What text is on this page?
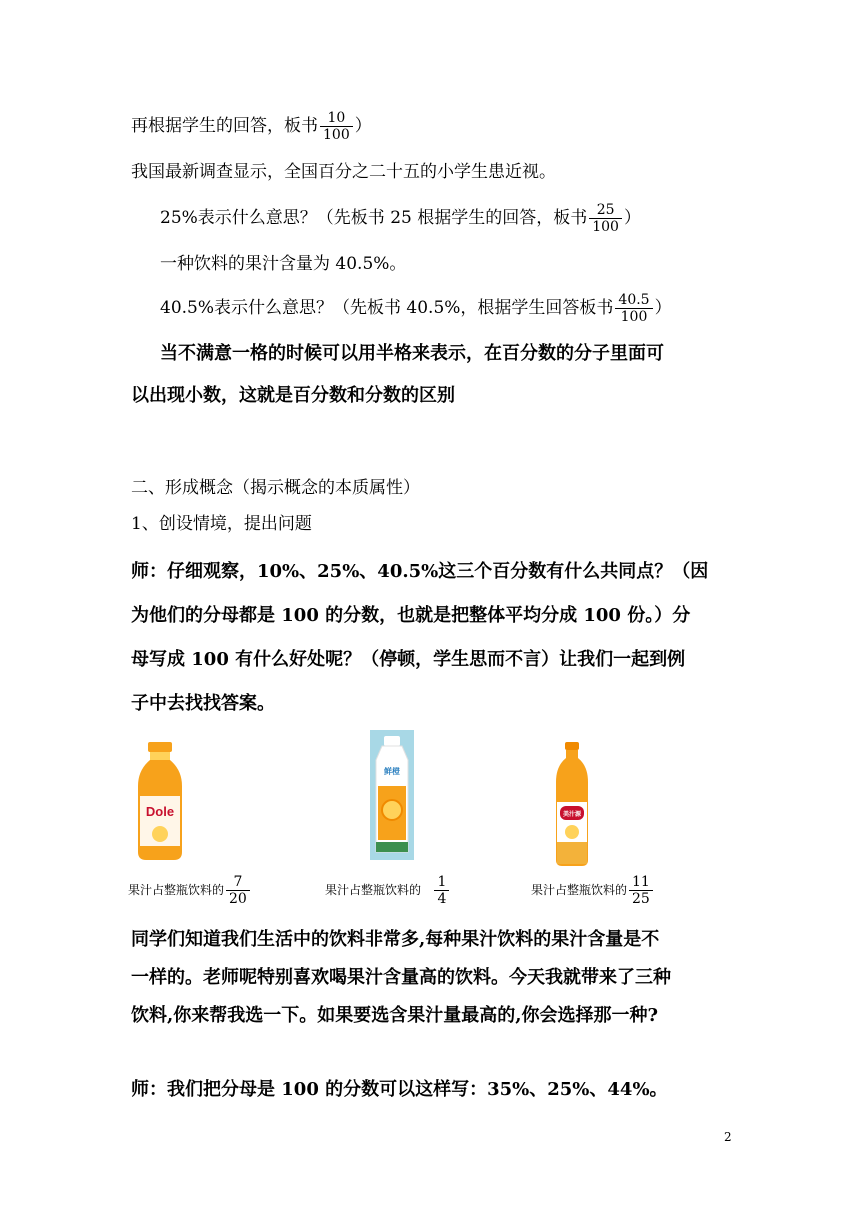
再根据学生的回答，板书 $\frac{10}{100}$ ）
我国最新调查显示，全国百分之二十五的小学生患近视。
25%表示什么意思？（先板书 25 根据学生的回答，板书 $\frac{25}{100}$ ）
一种饮料的果汁含量为 40.5%。
40.5%表示什么意思？（先板书 40.5%，根据学生回答板书 $\frac{40.5}{100}$ ）
当不满意一格的时候可以用半格来表示，在百分数的分子里面可
以出现小数，这就是百分数和分数的区别
二、形成概念（揭示概念的本质属性）
1、创设情境，提出问题
师：仔细观察，10%、25%、40.5%这三个百分数有什么共同点？（因
为他们的分母都是 100 的分数，也就是把整体平均分成 100 份。）分
母写成 100 有什么好处呢？（停顿，学生思而不言）让我们一起到例
子中去找找答案。
Dole
鲜橙
美汁源
果汁占整瓶饮料的 $\frac{7}{20}$	果汁占整瓶饮料的 $\frac{1}{4}$	果汁占整瓶饮料的 $\frac{11}{25}$
同学们知道我们生活中的饮料非常多,每种果汁饮料的果汁含量是不
一样的。老师呢特别喜欢喝果汁含量高的饮料。今天我就带来了三种
饮料,你来帮我选一下。如果要选含果汁量最高的,你会选择那一种?
师：我们把分母是 100 的分数可以这样写：35%、25%、44%。
2
